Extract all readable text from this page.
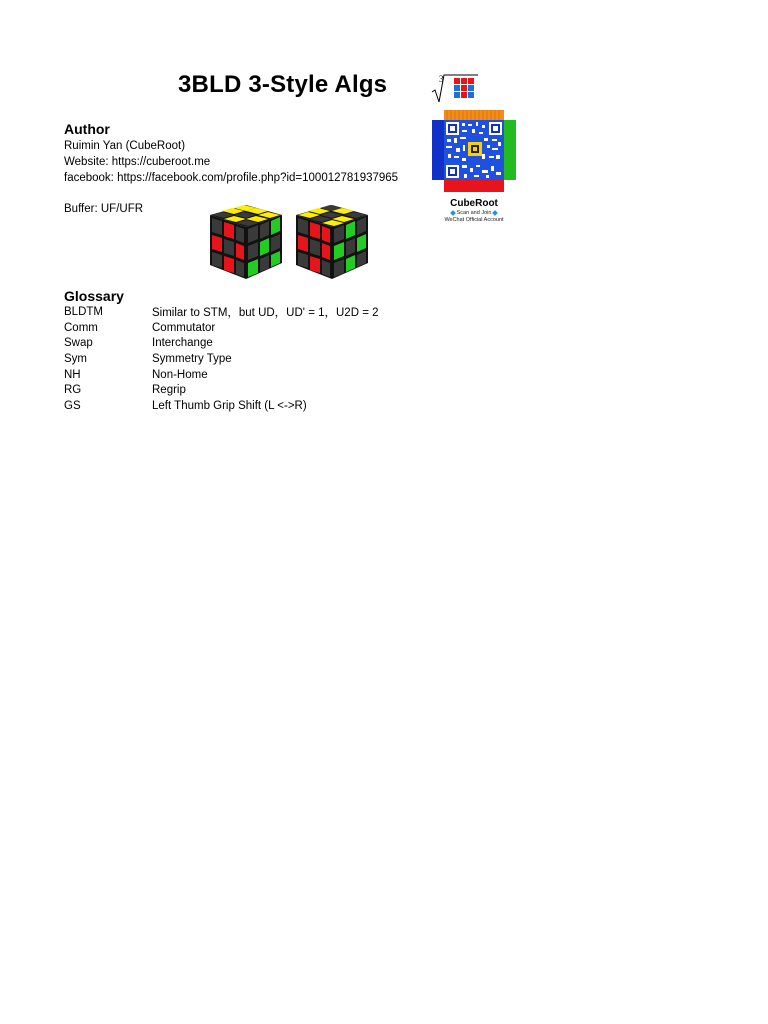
3BLD 3-Style Algs	3
Author
Ruimin Yan (CubeRoot)
Website: https://cuberoot.me
facebook: https://facebook.com/profile.php?id=100012781937965
Buffer: UF/UFR	CubeRoot
Scan and Join
WeChat Official Account
Glossary
BLDTM	Similar to STM，but UD，UD' = 1，U2D = 2
Comm	Commutator
Swap	Interchange
Sym	Symmetry Type
NH	Non-Home
RG	Regrip
GS	Left Thumb Grip Shift (L <->R)
